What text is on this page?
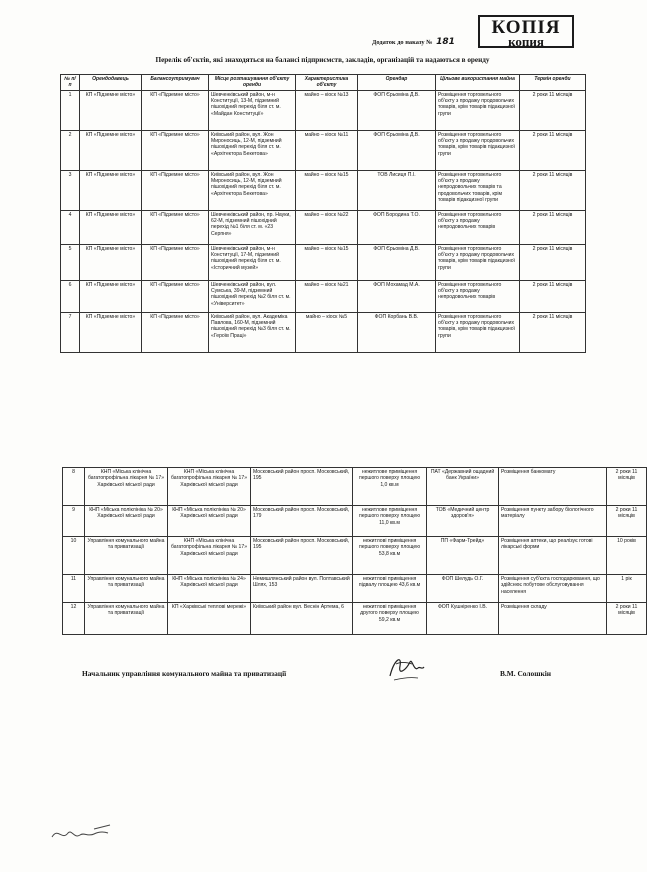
КОПІЯ
копия
Додаток до наказу № 181
Перелік об'єктів, які знаходяться на балансі підприємств, закладів, організацій та надаються в оренду
№ п/п	Орендодавець	Балансоутримувач	Місце розташування об'єкту оренди	Характеристика об'єкту	Орендар	Цільове використання майна	Термін оренди
1	КП «Підземне місто»	КП «Підземне місто»	Шевченківський район, м-н Конституції, 13-М, підземний пішохідний перехід біля ст. м. «Майдан Конституції»	майно – кіоск №13	ФОП Єрьоміна Д.В.	Розміщення торговельного об'єкту з продажу продовольчих товарів, крім товарів підакцизної групи	2 роки 11 місяців
2	КП «Підземне місто»	КП «Підземне місто»	Київський район, вул. Жон Мироносиць, 12-М, підземний пішохідний перехід біля ст. м. «Архітектора Бекетова»	майно – кіоск №11	ФОП Єрьоміна Д.В.	Розміщення торговельного об'єкту з продажу продовольчих товарів, крім товарів підакцизної групи	2 роки 11 місяців
3	КП «Підземне місто»	КП «Підземне місто»	Київський район, вул. Жон Мироносиць, 12-М, підземний пішохідний перехід біля ст. м. «Архітектора Бекетова»	майно – кіоск №15	ТОВ Лисиця П.І.	Розміщення торговельного об'єкту з продажу непродовольчих товарів та продовольчих товарів, крім товарів підакцизної групи	2 роки 11 місяців
4	КП «Підземне місто»	КП «Підземне місто»	Шевченківський район, пр. Науки, 62-М, підземний пішохідний перехід №1 біля ст. м. «23 Серпня»	майно – кіоск №22	ФОП Бородина Т.О.	Розміщення торговельного об'єкту з продажу непродовольчих товарів	2 роки 11 місяців
5	КП «Підземне місто»	КП «Підземне місто»	Шевченківський район, м-н Конституції, 17-М, підземний пішохідний перехід біля ст. м. «Історичний музей»	майно – кіоск №15	ФОП Єрьоміна Д.В.	Розміщення торговельного об'єкту з продажу продовольчих товарів, крім товарів підакцизної групи	2 роки 11 місяців
6	КП «Підземне місто»	КП «Підземне місто»	Шевченківський район, вул. Сумська, 39-М, підземний пішохідний перехід №2 біля ст. м. «Університет»	майно – кіоск №21	ФОП Мохамад М.А.	Розміщення торговельного об'єкту з продажу непродовольчих товарів	2 роки 11 місяців
7	КП «Підземне місто»	КП «Підземне місто»	Київський район, вул. Академіка Павлова, 160-М, підземний пішохідний перехід №3 біля ст. м. «Героїв Праці»	майно – кіоск №5	ФОП Корбань В.В.	Розміщення торговельного об'єкту з продажу продовольчих товарів, крім товарів підакцизної групи	2 роки 11 місяців
8	КНП «Міська клінічна багатопрофільна лікарня № 17» Харківської міської ради	КНП «Міська клінічна багатопрофільна лікарня № 17» Харківської міської ради	Московський район просп. Московський, 195	нежитлове приміщення першого поверху площею 1,0 кв.м	ПАТ «Державний ощадний банк України»	Розміщення банкомату	2 роки 11 місяців
9	КНП «Міська поліклініка № 20» Харківської міської ради	КНП «Міська поліклініка № 20» Харківської міської ради	Московський район просп. Московський, 179	нежитлове приміщення першого поверху площею 11,0 кв.м	ТОВ «Медичний центр здоров'я»	Розміщення пункту забору біологічного матеріалу	2 роки 11 місяців
10	Управління комунального майна та приватизації	КНП «Міська клінічна багатопрофільна лікарня № 17» Харківської міської ради	Московський район просп. Московський, 195	нежитлові приміщення першого поверху площею 53,8 кв.м	ПП «Фарм-Трейд»	Розміщення аптеки, що реалізує готові лікарські форми	10 років
11	Управління комунального майна та приватизації	КНП «Міська поліклініка № 24» Харківської міської ради	Немишлянський район вул. Полтавський Шлях, 153	нежитлові приміщення підвалу площею 43,6 кв.м	ФОП Шелудь О.Г.	Розміщення суб'єкта господарювання, що здійснює побутове обслуговування населення	1 рік
12	Управління комунального майна та приватизації	КП «Харківські теплові мережі»	Київський район вул. Веснін Артема, 6	нежитлові приміщення другого поверху площею 59,2 кв.м	ФОП Кушніренко І.В.	Розміщення складу	2 роки 11 місяців
Начальник управління комунального майна та приватизації	В.М. Солошкін
